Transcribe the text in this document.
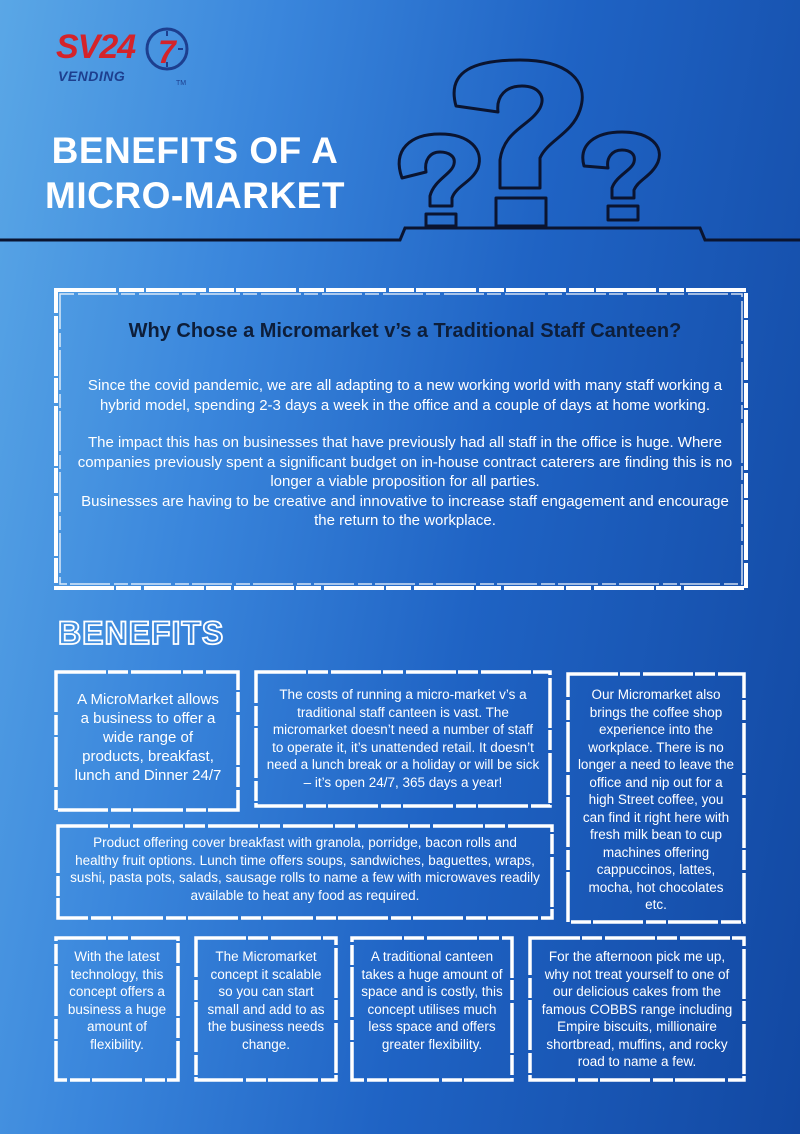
SV24 7
VENDING	TM
BENEFITS OF A
MICRO-MARKET
Why Chose a Micromarket v’s a Traditional Staff Canteen?

Since the covid pandemic, we are all adapting to a new working world with many staff working a hybrid model, spending 2-3 days a week in the office and a couple of days at home working.

The impact this has on businesses that have previously had all staff in the office is huge. Where companies previously spent a significant budget on in-house contract caterers are finding this is no longer a viable proposition for all parties.

Businesses are having to be creative and innovative to increase staff engagement and encourage the return to the workplace.

BENEFITS
A MicroMarket allows a business to offer a wide range of products, breakfast, lunch and Dinner 24/7
The costs of running a micro-market v’s a traditional staff canteen is vast. The micromarket doesn’t need a number of staff to operate it, it’s unattended retail. It doesn’t need a lunch break or a holiday or will be sick – it’s open 24/7, 365 days a year!
Our Micromarket also brings the coffee shop experience into the workplace. There is no longer a need to leave the office and nip out for a high Street coffee, you can find it right here with fresh milk bean to cup machines offering cappuccinos, lattes, mocha, hot chocolates etc.
Product offering cover breakfast with granola, porridge, bacon rolls and healthy fruit options. Lunch time offers soups, sandwiches, baguettes, wraps, sushi, pasta pots, salads, sausage rolls to name a few with microwaves readily available to heat any food as required.
With the latest technology, this concept offers a business a huge amount of flexibility.
The Micromarket concept it scalable so you can start small and add to as the business needs change.
A traditional canteen takes a huge amount of space and is costly, this concept utilises much less space and offers greater flexibility.
For the afternoon pick me up, why not treat yourself to one of our delicious cakes from the famous COBBS range including Empire biscuits, millionaire shortbread, muffins, and rocky road to name a few.
